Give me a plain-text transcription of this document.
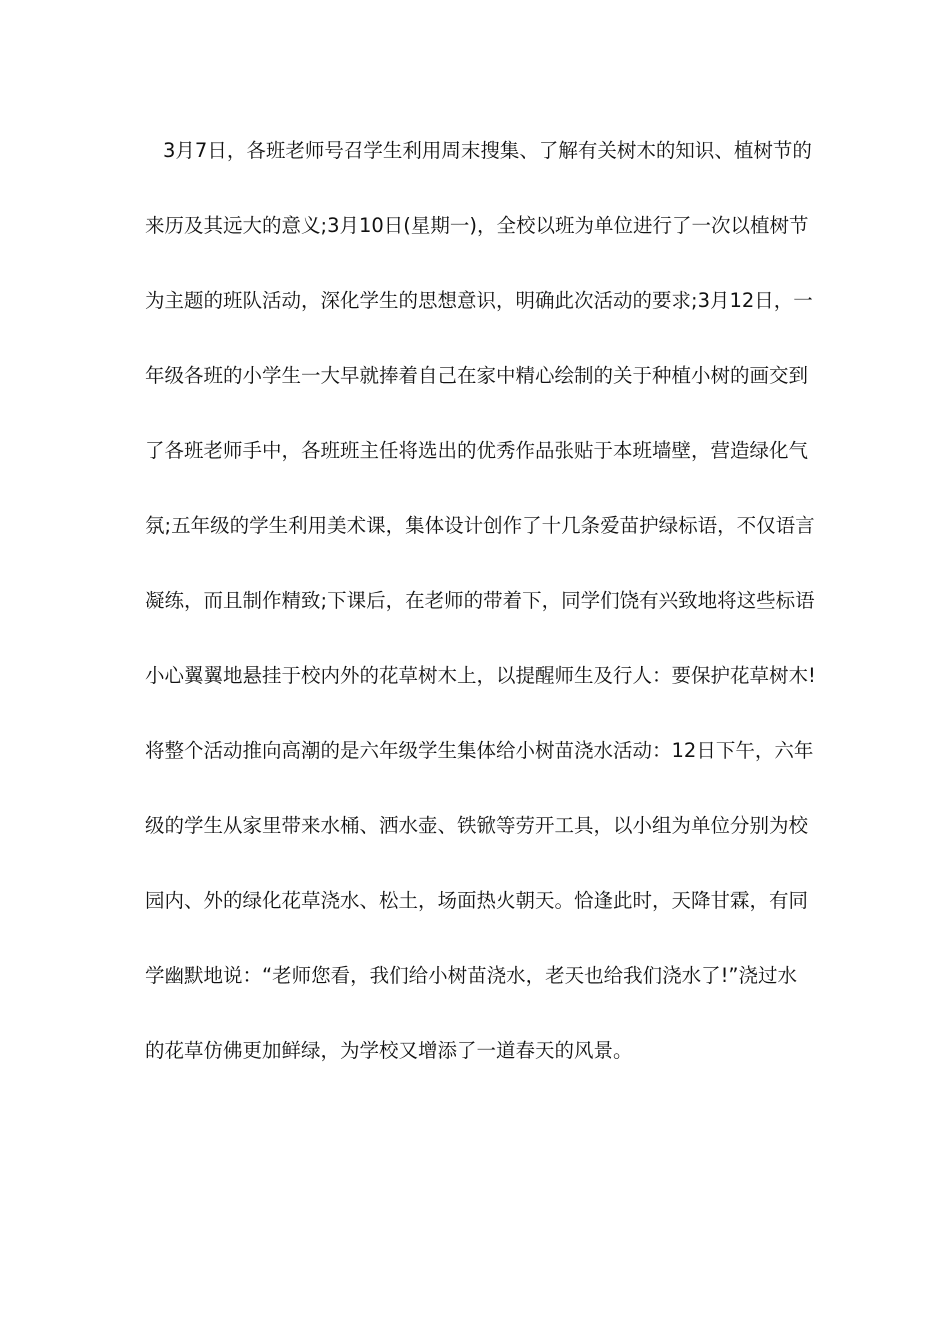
3月7日，各班老师号召学生利用周末搜集、了解有关树木的知识、植树节的
来历及其远大的意义;3月10日(星期一)，全校以班为单位进行了一次以植树节
为主题的班队活动，深化学生的思想意识，明确此次活动的要求;3月12日，一
年级各班的小学生一大早就捧着自己在家中精心绘制的关于种植小树的画交到
了各班老师手中，各班班主任将选出的优秀作品张贴于本班墙壁，营造绿化气
氛;五年级的学生利用美术课，集体设计创作了十几条爱苗护绿标语，不仅语言
凝练，而且制作精致;下课后，在老师的带着下，同学们饶有兴致地将这些标语
小心翼翼地悬挂于校内外的花草树木上，以提醒师生及行人：要保护花草树木!
将整个活动推向高潮的是六年级学生集体给小树苗浇水活动：12日下午，六年
级的学生从家里带来水桶、洒水壶、铁锨等劳开工具，以小组为单位分别为校
园内、外的绿化花草浇水、松土，场面热火朝天。恰逢此时，天降甘霖，有同
学幽默地说：“老师您看，我们给小树苗浇水，老天也给我们浇水了!”浇过水
的花草仿佛更加鲜绿，为学校又增添了一道春天的风景。
